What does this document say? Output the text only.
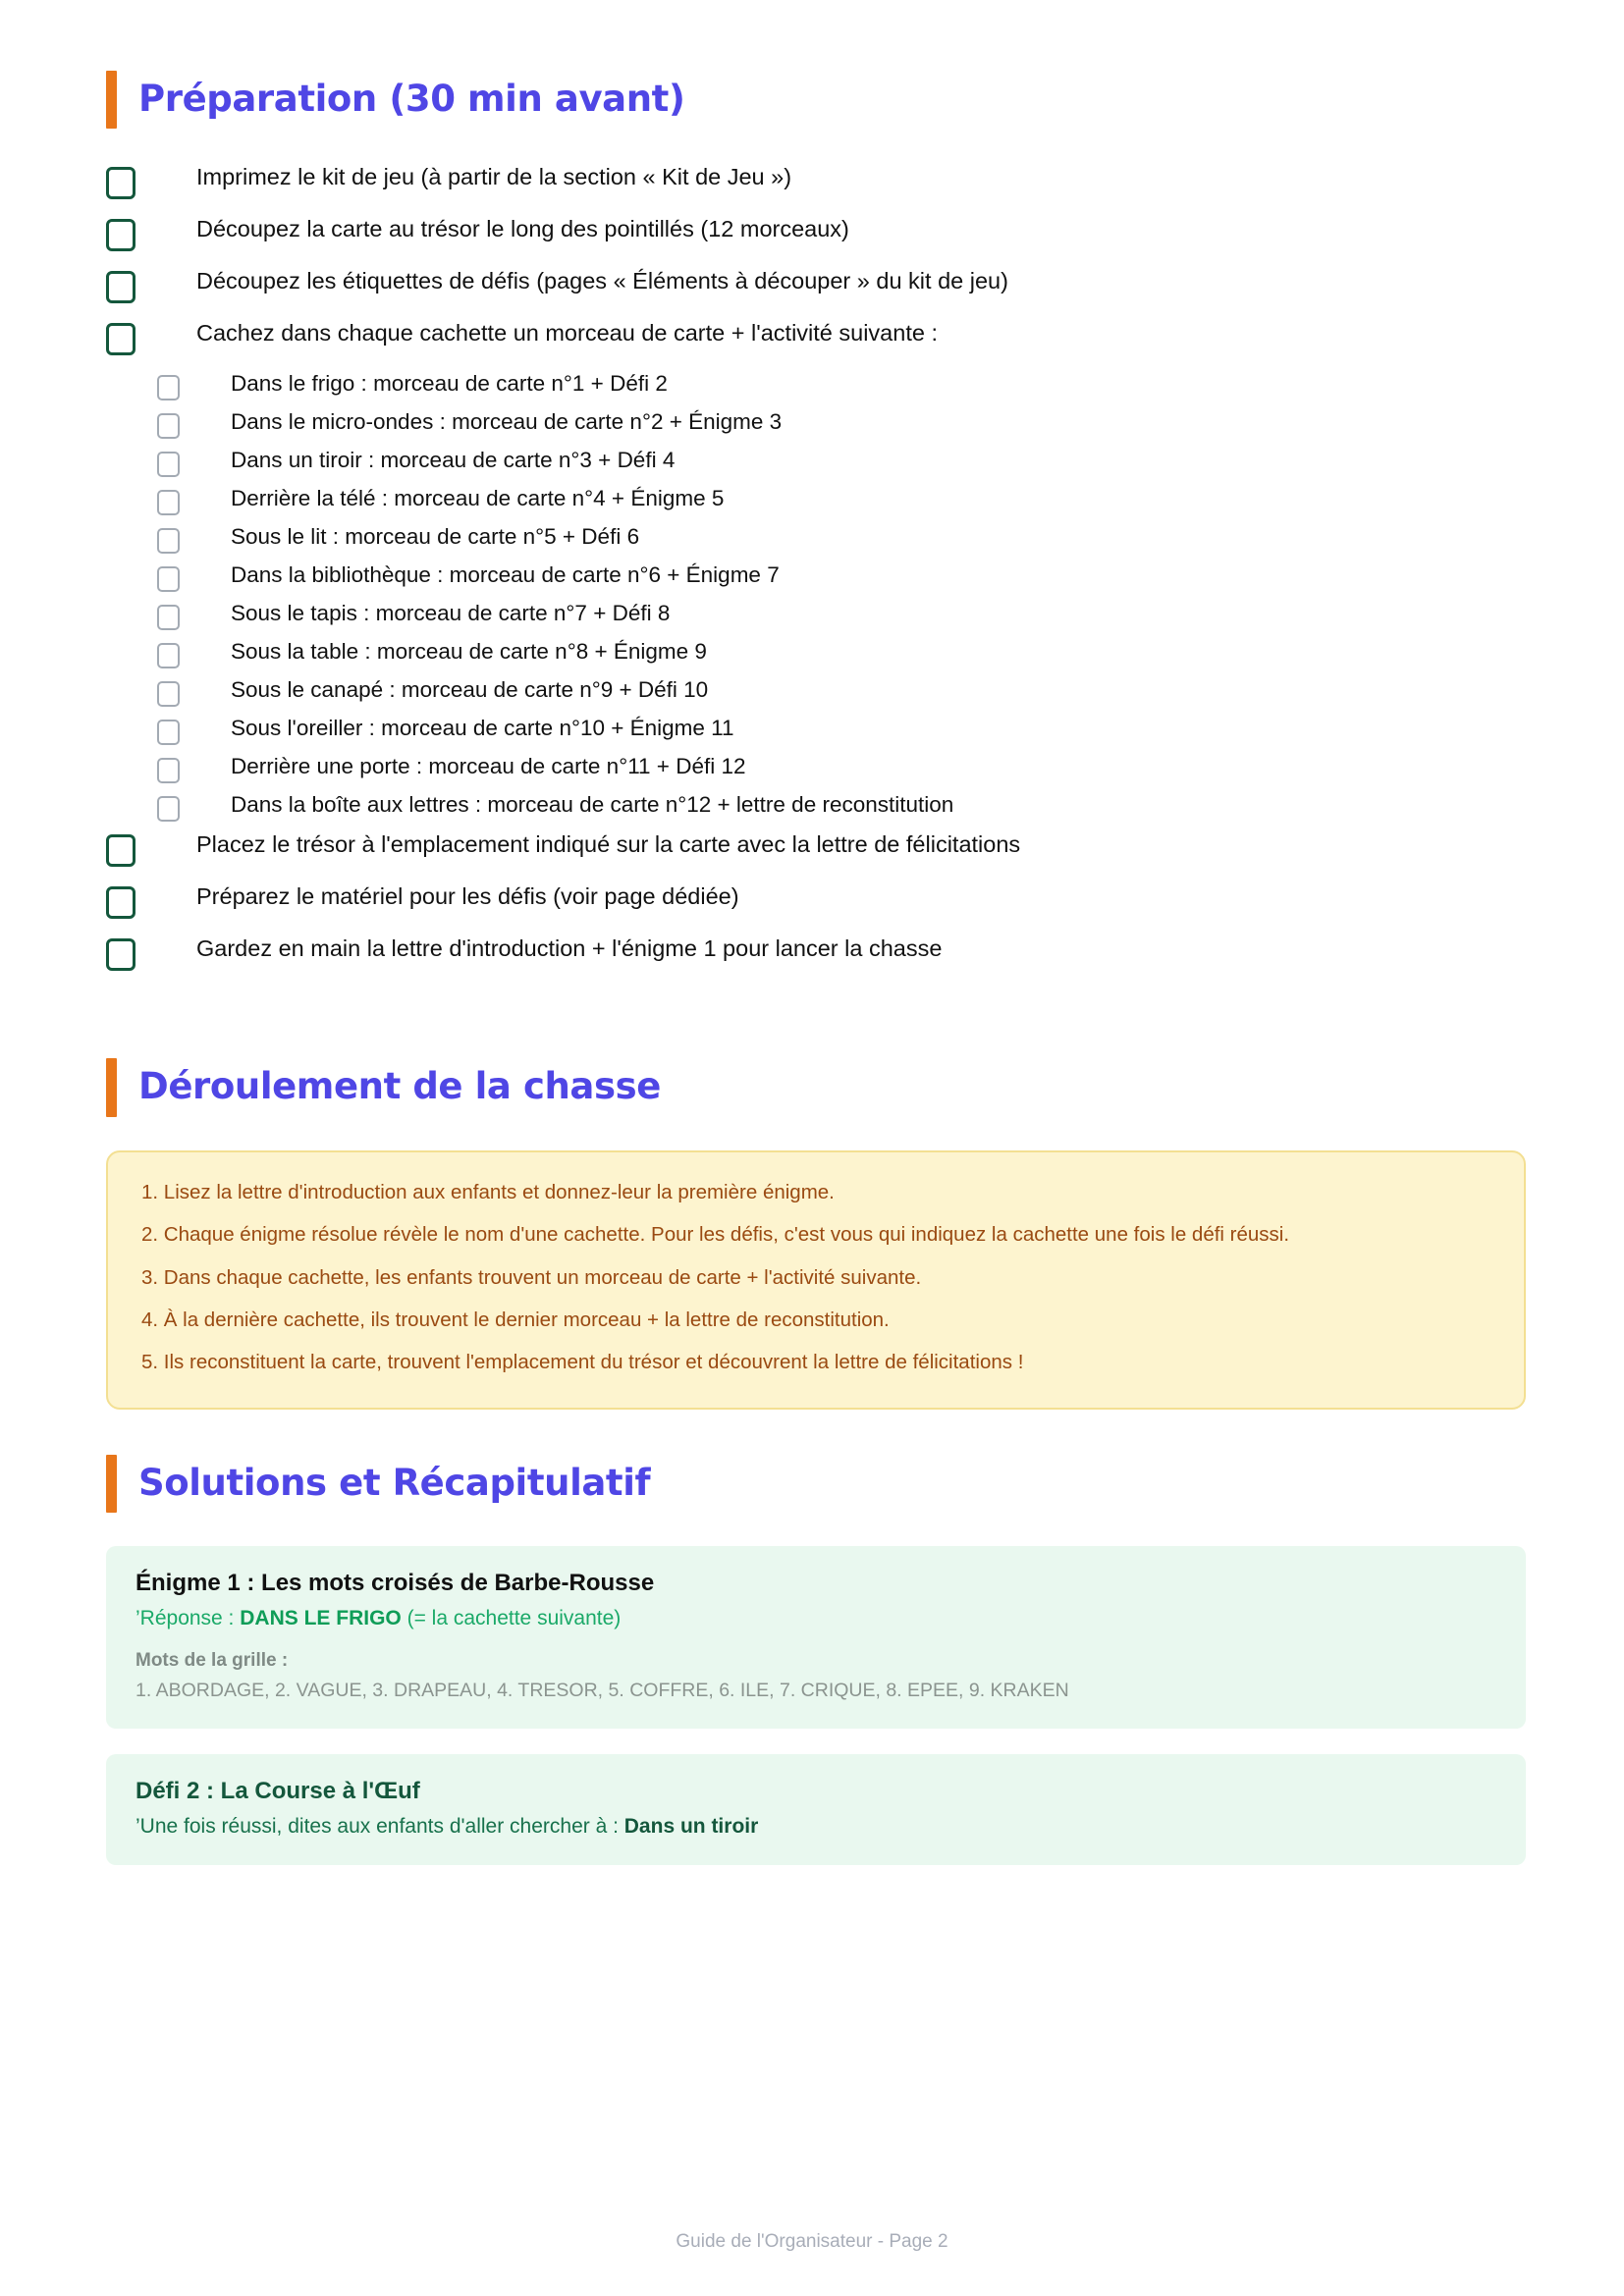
Préparation (30 min avant)
Imprimez le kit de jeu (à partir de la section « Kit de Jeu »)
Découpez la carte au trésor le long des pointillés (12 morceaux)
Découpez les étiquettes de défis (pages « Éléments à découper » du kit de jeu)
Cachez dans chaque cachette un morceau de carte + l'activité suivante :
Dans le frigo : morceau de carte n°1 + Défi 2
Dans le micro-ondes : morceau de carte n°2 + Énigme 3
Dans un tiroir : morceau de carte n°3 + Défi 4
Derrière la télé : morceau de carte n°4 + Énigme 5
Sous le lit : morceau de carte n°5 + Défi 6
Dans la bibliothèque : morceau de carte n°6 + Énigme 7
Sous le tapis : morceau de carte n°7 + Défi 8
Sous la table : morceau de carte n°8 + Énigme 9
Sous le canapé : morceau de carte n°9 + Défi 10
Sous l'oreiller : morceau de carte n°10 + Énigme 11
Derrière une porte : morceau de carte n°11 + Défi 12
Dans la boîte aux lettres : morceau de carte n°12 + lettre de reconstitution
Placez le trésor à l'emplacement indiqué sur la carte avec la lettre de félicitations
Préparez le matériel pour les défis (voir page dédiée)
Gardez en main la lettre d'introduction + l'énigme 1 pour lancer la chasse
Déroulement de la chasse

1. Lisez la lettre d'introduction aux enfants et donnez-leur la première énigme.

2. Chaque énigme résolue révèle le nom d'une cachette. Pour les défis, c'est vous qui indiquez la cachette une fois le défi réussi.

3. Dans chaque cachette, les enfants trouvent un morceau de carte + l'activité suivante.

4. À la dernière cachette, ils trouvent le dernier morceau + la lettre de reconstitution.

5. Ils reconstituent la carte, trouvent l'emplacement du trésor et découvrent la lettre de félicitations !

Solutions et Récapitulatif
Énigme 1 : Les mots croisés de Barbe-Rousse
’Réponse : DANS LE FRIGO (= la cachette suivante)
Mots de la grille :
1. ABORDAGE, 2. VAGUE, 3. DRAPEAU, 4. TRESOR, 5. COFFRE, 6. ILE, 7. CRIQUE, 8. EPEE, 9. KRAKEN
Défi 2 : La Course à l'Œuf
’Une fois réussi, dites aux enfants d'aller chercher à : Dans un tiroir
Guide de l'Organisateur - Page 2
